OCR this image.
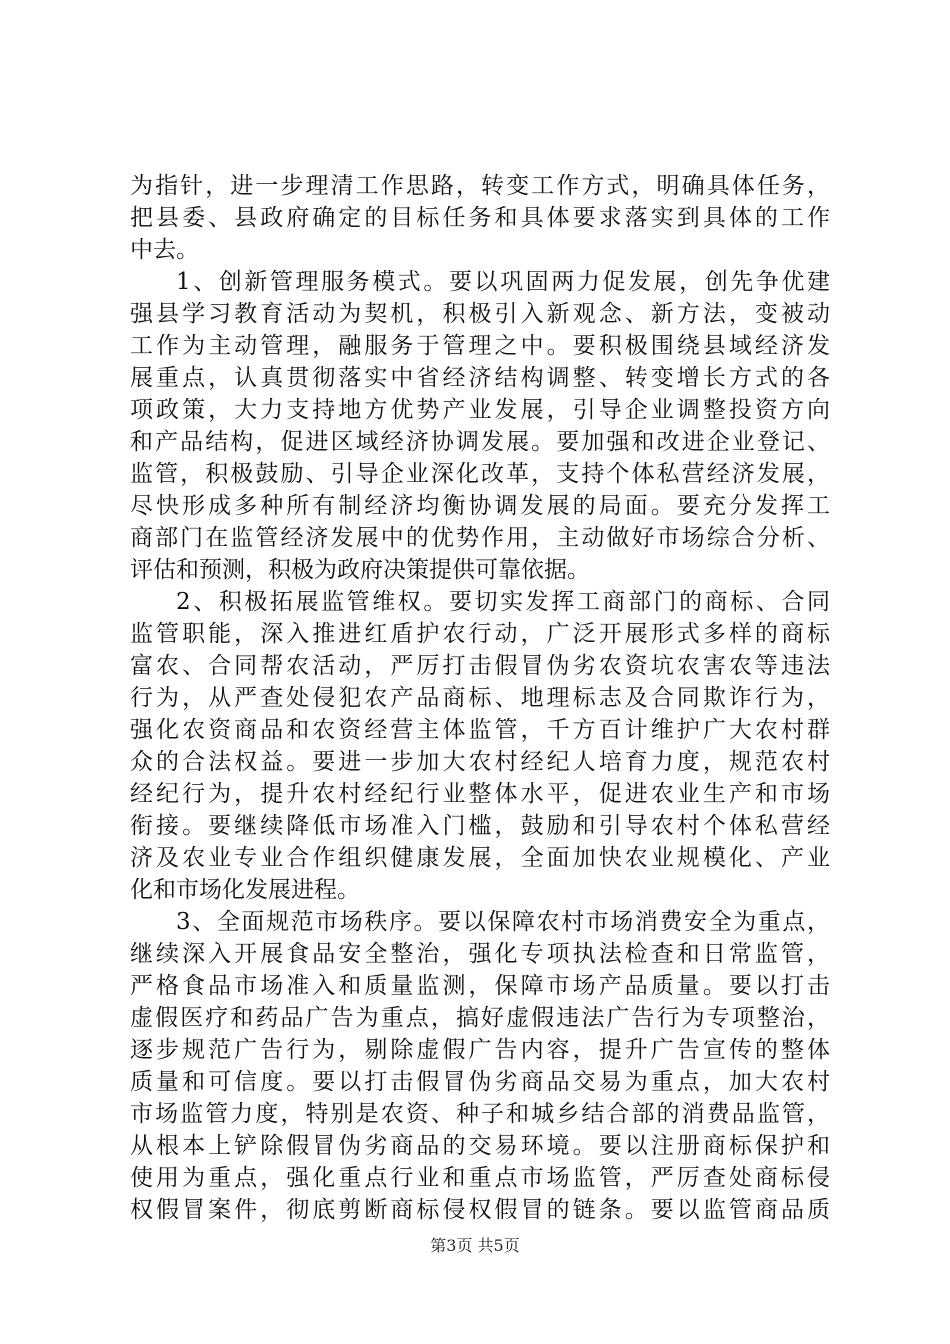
为指针，进一步理清工作思路，转变工作方式，明确具体任务，
把县委、县政府确定的目标任务和具体要求落实到具体的工作
中去。
1、创新管理服务模式。要以巩固两力促发展，创先争优建
强县学习教育活动为契机，积极引入新观念、新方法，变被动
工作为主动管理，融服务于管理之中。要积极围绕县域经济发
展重点，认真贯彻落实中省经济结构调整、转变增长方式的各
项政策，大力支持地方优势产业发展，引导企业调整投资方向
和产品结构，促进区域经济协调发展。要加强和改进企业登记、
监管，积极鼓励、引导企业深化改革，支持个体私营经济发展，
尽快形成多种所有制经济均衡协调发展的局面。要充分发挥工
商部门在监管经济发展中的优势作用，主动做好市场综合分析、
评估和预测，积极为政府决策提供可靠依据。
2、积极拓展监管维权。要切实发挥工商部门的商标、合同
监管职能，深入推进红盾护农行动，广泛开展形式多样的商标
富农、合同帮农活动，严厉打击假冒伪劣农资坑农害农等违法
行为，从严查处侵犯农产品商标、地理标志及合同欺诈行为，
强化农资商品和农资经营主体监管，千方百计维护广大农村群
众的合法权益。要进一步加大农村经纪人培育力度，规范农村
经纪行为，提升农村经纪行业整体水平，促进农业生产和市场
衔接。要继续降低市场准入门槛，鼓励和引导农村个体私营经
济及农业专业合作组织健康发展，全面加快农业规模化、产业
化和市场化发展进程。
3、全面规范市场秩序。要以保障农村市场消费安全为重点，
继续深入开展食品安全整治，强化专项执法检查和日常监管，
严格食品市场准入和质量监测，保障市场产品质量。要以打击
虚假医疗和药品广告为重点，搞好虚假违法广告行为专项整治，
逐步规范广告行为，剔除虚假广告内容，提升广告宣传的整体
质量和可信度。要以打击假冒伪劣商品交易为重点，加大农村
市场监管力度，特别是农资、种子和城乡结合部的消费品监管，
从根本上铲除假冒伪劣商品的交易环境。要以注册商标保护和
使用为重点，强化重点行业和重点市场监管，严厉查处商标侵
权假冒案件，彻底剪断商标侵权假冒的链条。要以监管商品质
第3页 共5页
